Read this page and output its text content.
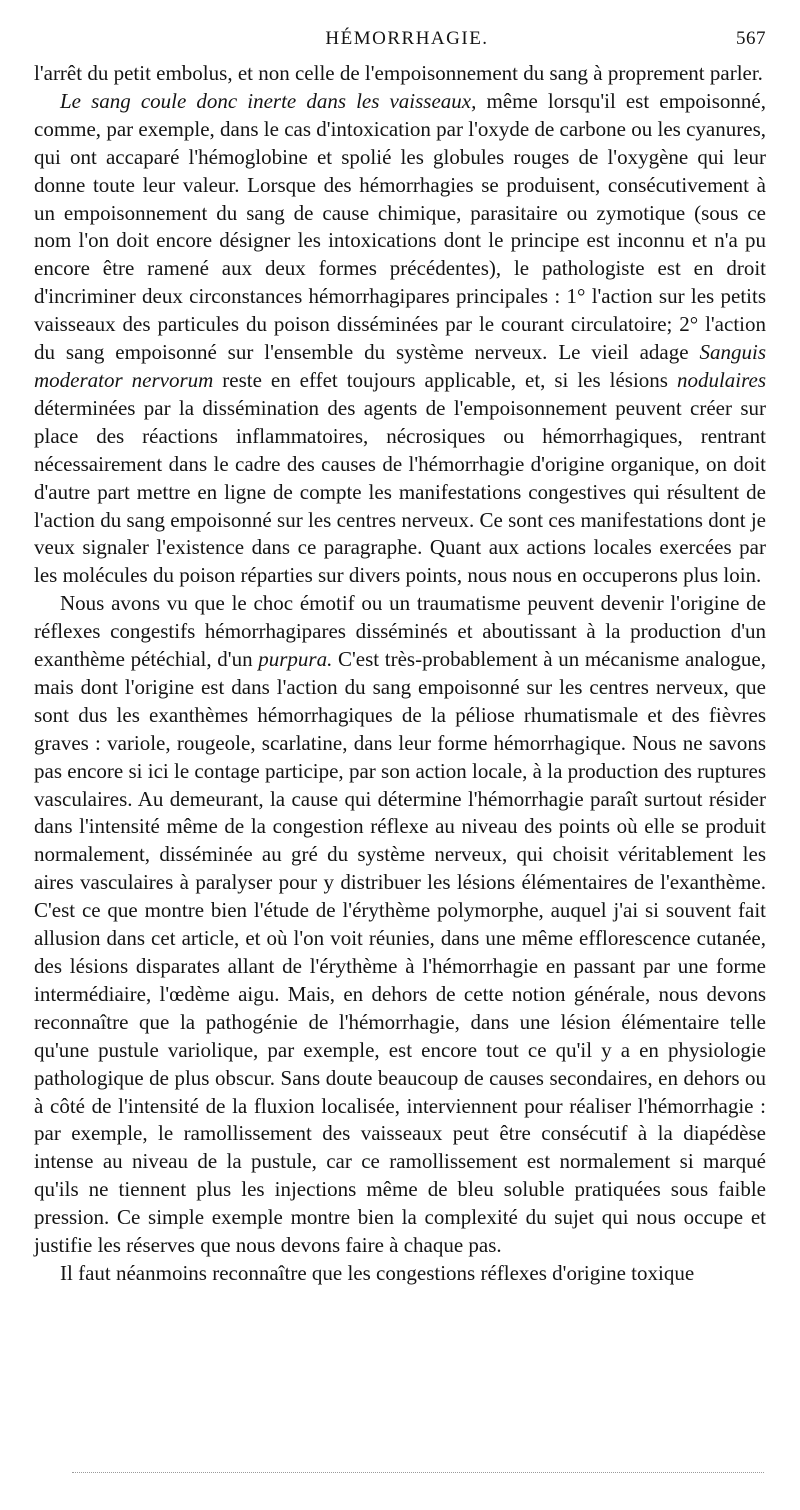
HÉMORRHAGIE.	567

l'arrêt du petit embolus, et non celle de l'empoisonnement du sang à proprement parler.

Le sang coule donc inerte dans les vaisseaux, même lorsqu'il est empoisonné, comme, par exemple, dans le cas d'intoxication par l'oxyde de carbone ou les cyanures, qui ont accaparé l'hémoglobine et spolié les globules rouges de l'oxygène qui leur donne toute leur valeur. Lorsque des hémorrhagies se produisent, consécutivement à un empoisonnement du sang de cause chimique, parasitaire ou zymotique (sous ce nom l'on doit encore désigner les intoxications dont le principe est inconnu et n'a pu encore être ramené aux deux formes précédentes), le pathologiste est en droit d'incriminer deux circonstances hémorrhagipares principales : 1° l'action sur les petits vaisseaux des particules du poison disséminées par le courant circulatoire; 2° l'action du sang empoisonné sur l'ensemble du système nerveux. Le vieil adage Sanguis moderator nervorum reste en effet toujours applicable, et, si les lésions nodulaires déterminées par la dissémination des agents de l'empoisonnement peuvent créer sur place des réactions inflammatoires, nécrosiques ou hémorrhagiques, rentrant nécessairement dans le cadre des causes de l'hémorrhagie d'origine organique, on doit d'autre part mettre en ligne de compte les manifestations congestives qui résultent de l'action du sang empoisonné sur les centres nerveux. Ce sont ces manifestations dont je veux signaler l'existence dans ce paragraphe. Quant aux actions locales exercées par les molécules du poison réparties sur divers points, nous nous en occuperons plus loin.

Nous avons vu que le choc émotif ou un traumatisme peuvent devenir l'origine de réflexes congestifs hémorrhagipares disséminés et aboutissant à la production d'un exanthème pétéchial, d'un purpura. C'est très-probablement à un mécanisme analogue, mais dont l'origine est dans l'action du sang empoisonné sur les centres nerveux, que sont dus les exanthèmes hémorrhagiques de la péliose rhumatismale et des fièvres graves : variole, rougeole, scarlatine, dans leur forme hémorrhagique. Nous ne savons pas encore si ici le contage participe, par son action locale, à la production des ruptures vasculaires. Au demeurant, la cause qui détermine l'hémorrhagie paraît surtout résider dans l'intensité même de la congestion réflexe au niveau des points où elle se produit normalement, disséminée au gré du système nerveux, qui choisit véritablement les aires vasculaires à paralyser pour y distribuer les lésions élémentaires de l'exanthème. C'est ce que montre bien l'étude de l'érythème polymorphe, auquel j'ai si souvent fait allusion dans cet article, et où l'on voit réunies, dans une même efflorescence cutanée, des lésions disparates allant de l'érythème à l'hémorrhagie en passant par une forme intermédiaire, l'œdème aigu. Mais, en dehors de cette notion générale, nous devons reconnaître que la pathogénie de l'hémorrhagie, dans une lésion élémentaire telle qu'une pustule variolique, par exemple, est encore tout ce qu'il y a en physiologie pathologique de plus obscur. Sans doute beaucoup de causes secondaires, en dehors ou à côté de l'intensité de la fluxion localisée, interviennent pour réaliser l'hémorrhagie : par exemple, le ramollissement des vaisseaux peut être consécutif à la diapédèse intense au niveau de la pustule, car ce ramollissement est normalement si marqué qu'ils ne tiennent plus les injections même de bleu soluble pratiquées sous faible pression. Ce simple exemple montre bien la complexité du sujet qui nous occupe et justifie les réserves que nous devons faire à chaque pas.

Il faut néanmoins reconnaître que les congestions réflexes d'origine toxique
